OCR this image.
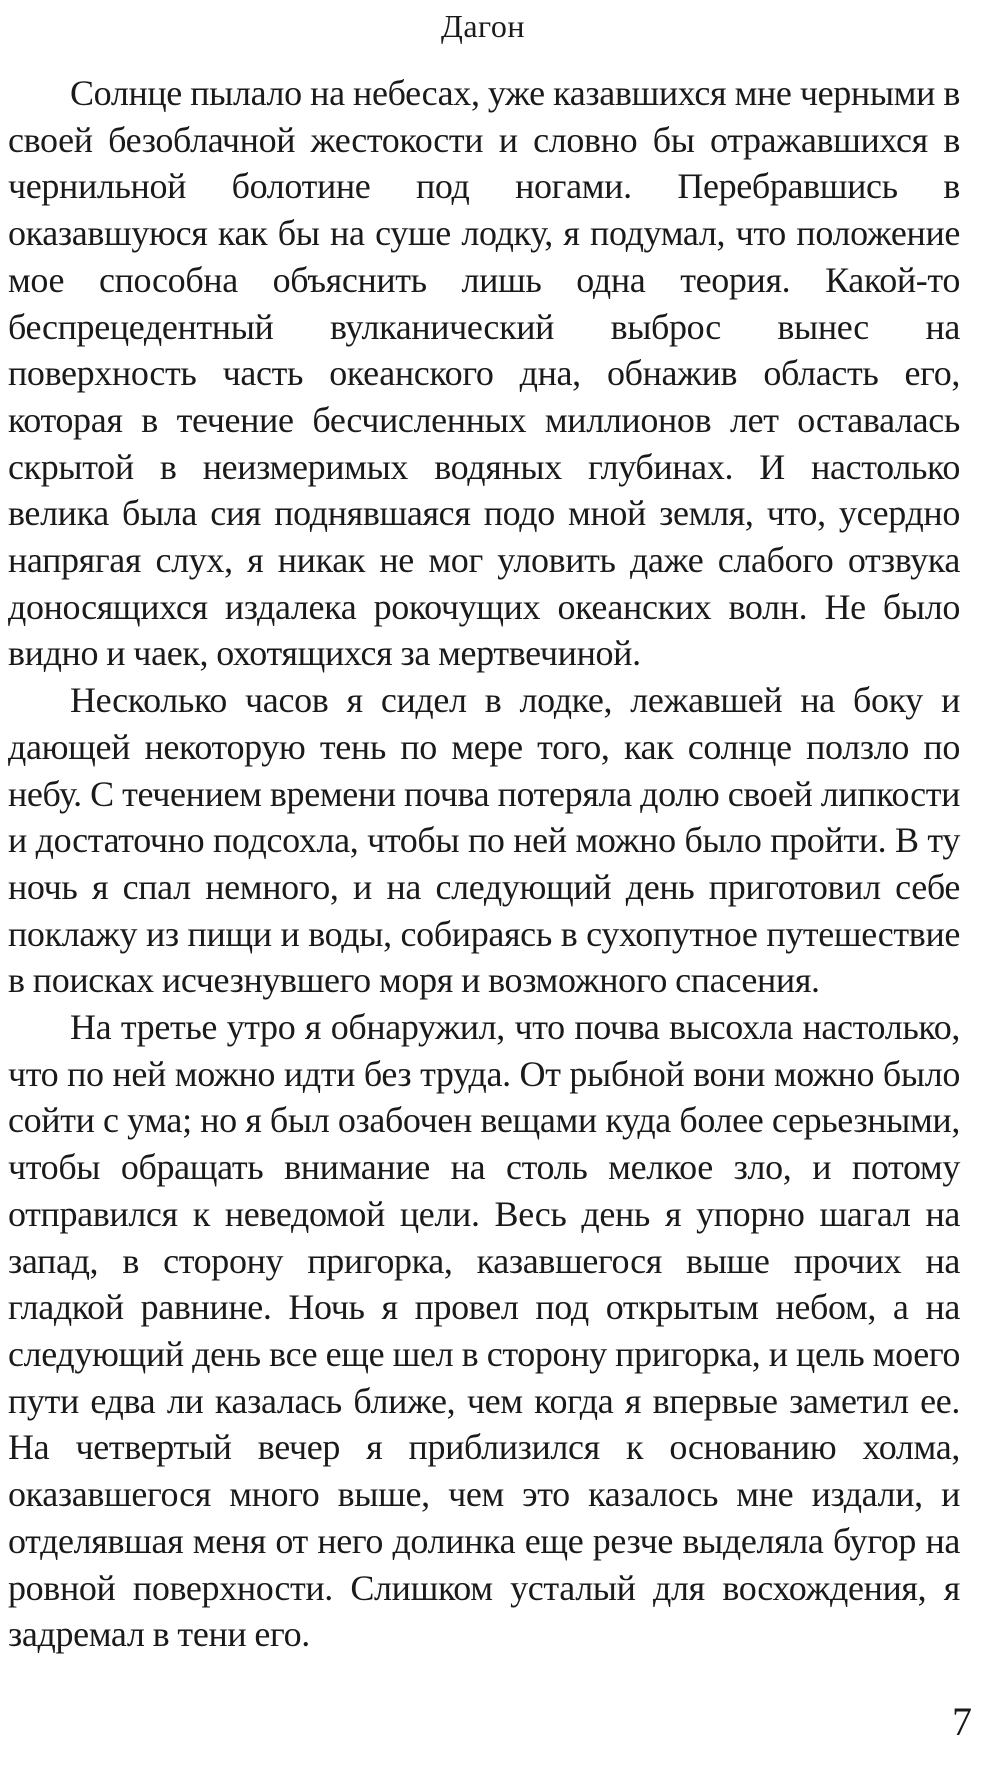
Дагон

Солнце пылало на небесах, уже казавшихся мне черными в своей безоблачной жестокости и словно бы отражавшихся в чернильной болотине под ногами. Перебравшись в оказавшуюся как бы на суше лодку, я подумал, что положение мое способна объяснить лишь одна теория. Какой-то беспрецедентный вулканический выброс вынес на поверхность часть океанского дна, обнажив область его, которая в течение бесчисленных миллионов лет оставалась скрытой в неизмеримых водяных глубинах. И настолько велика была сия поднявшаяся подо мной земля, что, усердно напрягая слух, я никак не мог уловить даже слабого отзвука доносящихся издалека рокочущих океанских волн. Не было видно и чаек, охотящихся за мертвечиной.

Несколько часов я сидел в лодке, лежавшей на боку и дающей некоторую тень по мере того, как солнце ползло по небу. С течением времени почва потеряла долю своей липкости и достаточно подсохла, чтобы по ней можно было пройти. В ту ночь я спал немного, и на следующий день приготовил себе поклажу из пищи и воды, собираясь в сухопутное путешествие в поисках исчезнувшего моря и возможного спасения.

На третье утро я обнаружил, что почва высохла настолько, что по ней можно идти без труда. От рыбной вони можно было сойти с ума; но я был озабочен вещами куда более серьезными, чтобы обращать внимание на столь мелкое зло, и потому отправился к неведомой цели. Весь день я упорно шагал на запад, в сторону пригорка, казавшегося выше прочих на гладкой равнине. Ночь я провел под открытым небом, а на следующий день все еще шел в сторону пригорка, и цель моего пути едва ли казалась ближе, чем когда я впервые заметил ее. На четвертый вечер я приблизился к основанию холма, оказавшегося много выше, чем это казалось мне издали, и отделявшая меня от него долинка еще резче выделяла бугор на ровной поверхности. Слишком усталый для восхождения, я задремал в тени его.

7
